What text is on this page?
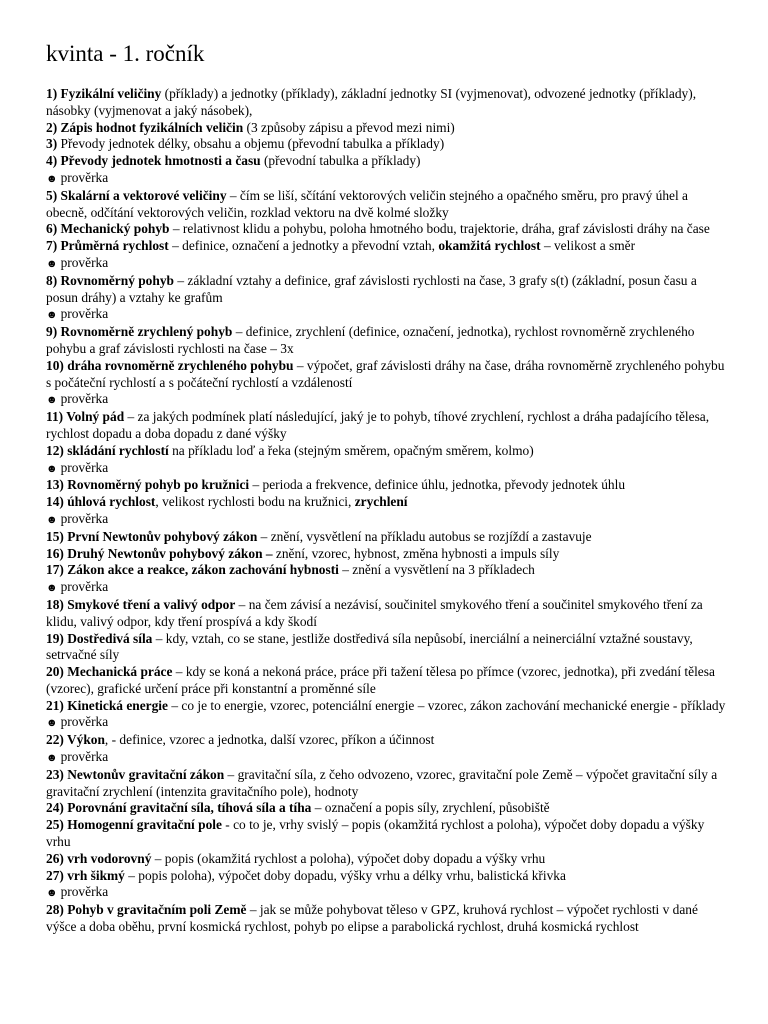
kvinta - 1. ročník
1) Fyzikální veličiny (příklady) a jednotky (příklady), základní jednotky SI (vyjmenovat), odvozené jednotky (příklady), násobky (vyjmenovat a jaký násobek),
2) Zápis hodnot fyzikálních veličin (3 způsoby zápisu a převod mezi nimi)
3) Převody jednotek délky, obsahu a objemu (převodní tabulka a příklady)
4) Převody jednotek hmotnosti a času (převodní tabulka a příklady)
☻ prověrka
5) Skalární a vektorové veličiny – čím se liší, sčítání vektorových veličin stejného a opačného směru, pro pravý úhel a obecně, odčítání vektorových veličin, rozklad vektoru na dvě kolmé složky
6) Mechanický pohyb – relativnost klidu a pohybu, poloha hmotného bodu, trajektorie, dráha, graf závislosti dráhy na čase
7) Průměrná rychlost – definice, označení a jednotky a převodní vztah, okamžitá rychlost – velikost a směr
☻ prověrka
8) Rovnoměrný pohyb – základní vztahy a definice, graf závislosti rychlosti na čase, 3 grafy s(t) (základní, posun času a posun dráhy) a vztahy ke grafům
☻ prověrka
9) Rovnoměrně zrychlený pohyb – definice, zrychlení (definice, označení, jednotka), rychlost rovnoměrně zrychleného pohybu a graf závislosti rychlosti na čase – 3x
10) dráha rovnoměrně zrychleného pohybu – výpočet, graf závislosti dráhy na čase, dráha rovnoměrně zrychleného pohybu s počáteční rychlostí a s počáteční rychlostí a vzdáleností
☻ prověrka
11) Volný pád – za jakých podmínek platí následující, jaký je to pohyb, tíhové zrychlení, rychlost a dráha padajícího tělesa, rychlost dopadu a doba dopadu z dané výšky
12) skládání rychlostí na příkladu loď a řeka (stejným směrem, opačným směrem, kolmo)
☻ prověrka
13) Rovnoměrný pohyb po kružnici – perioda a frekvence, definice úhlu, jednotka, převody jednotek úhlu
14) úhlová rychlost, velikost rychlosti bodu na kružnici, zrychlení
☻ prověrka
15) První Newtonův pohybový zákon – znění, vysvětlení na příkladu autobus se rozjíždí a zastavuje
16) Druhý Newtonův pohybový zákon – znění, vzorec, hybnost, změna hybnosti a impuls síly
17) Zákon akce a reakce, zákon zachování hybnosti – znění a vysvětlení na 3 příkladech
☻ prověrka
18) Smykové tření a valivý odpor – na čem závisí a nezávisí, součinitel smykového tření a součinitel smykového tření za klidu, valivý odpor, kdy tření prospívá a kdy škodí
19) Dostředivá síla – kdy, vztah, co se stane, jestliže dostředivá síla nepůsobí, inerciální a neinerciální vztažné soustavy, setrvačné síly
20) Mechanická práce – kdy se koná a nekoná práce, práce při tažení tělesa po přímce (vzorec, jednotka), při zvedání tělesa (vzorec), grafické určení práce při konstantní a proměnné síle
21) Kinetická energie – co je to energie, vzorec, potenciální energie – vzorec, zákon zachování mechanické energie - příklady
☻ prověrka
22) Výkon, - definice, vzorec a jednotka, další vzorec, příkon a účinnost
☻ prověrka
23) Newtonův gravitační zákon – gravitační síla, z čeho odvozeno, vzorec, gravitační pole Země – výpočet gravitační síly a gravitační zrychlení (intenzita gravitačního pole), hodnoty
24) Porovnání gravitační síla, tíhová síla a tíha – označení a popis síly, zrychlení, působiště
25) Homogenní gravitační pole - co to je, vrhy svislý – popis (okamžitá rychlost a poloha), výpočet doby dopadu a výšky vrhu
26) vrh vodorovný – popis (okamžitá rychlost a poloha), výpočet doby dopadu a výšky vrhu
27) vrh šikmý – popis poloha), výpočet doby dopadu, výšky vrhu a délky vrhu, balistická křivka
☻ prověrka
28) Pohyb v gravitačním poli Země – jak se může pohybovat těleso v GPZ, kruhová rychlost – výpočet rychlosti v dané výšce a doba oběhu, první kosmická rychlost, pohyb po elipse a parabolická rychlost, druhá kosmická rychlost
